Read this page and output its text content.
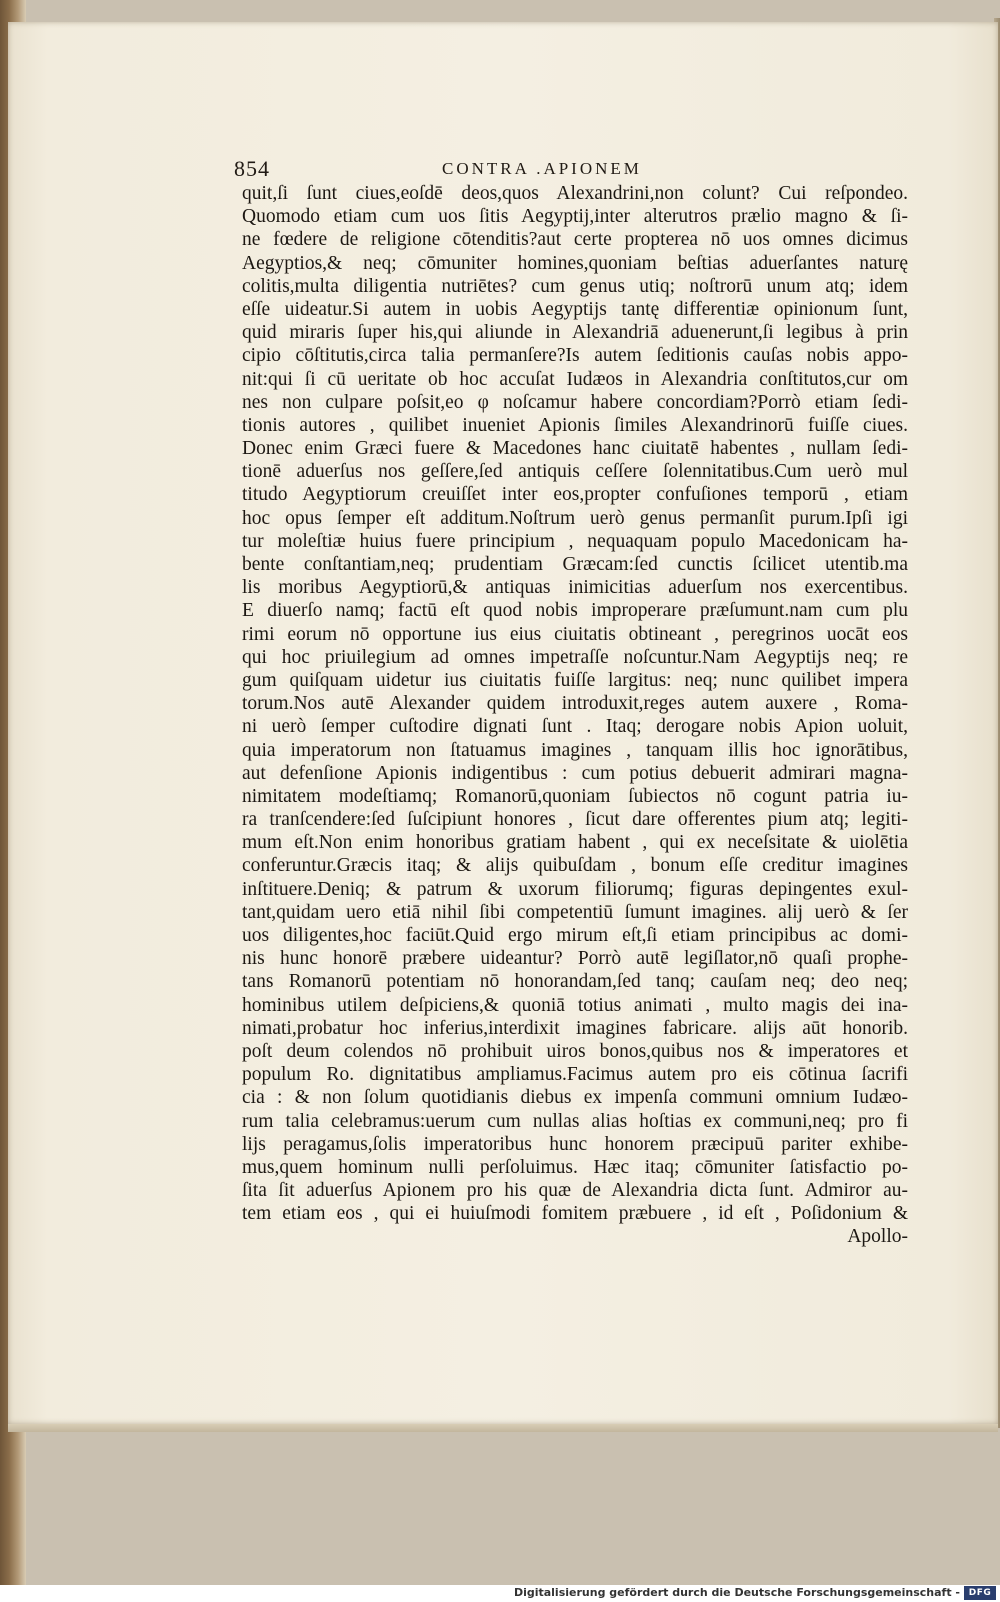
854	CONTRA .APIONEM
quit,ſi ſunt ciues,eoſdē deos,quos Alexandrini,non colunt? Cui reſpondeo.
Quomodo etiam cum uos ſitis Aegyptij,inter alterutros prælio magno & ſi-
ne fœdere de religione cōtenditis?aut certe propterea nō uos omnes dicimus
Aegyptios,& neq; cōmuniter homines,quoniam beſtias aduerſantes naturę
colitis,multa diligentia nutriētes? cum genus utiq; noſtrorū unum atq; idem
eſſe uideatur.Si autem in uobis Aegyptijs tantę differentiæ opinionum ſunt,
quid miraris ſuper his,qui aliunde in Alexandriā aduenerunt,ſi legibus à prin
cipio cōſtitutis,circa talia permanſere?Is autem ſeditionis cauſas nobis appo-
nit:qui ſi cū ueritate ob hoc accuſat Iudæos in Alexandria conſtitutos,cur om
nes non culpare poſsit,eo φ noſcamur habere concordiam?Porrò etiam ſedi-
tionis autores , quilibet inueniet Apionis ſimiles Alexandrinorū fuiſſe ciues.
Donec enim Græci fuere & Macedones hanc ciuitatē habentes , nullam ſedi-
tionē aduerſus nos geſſere,ſed antiquis ceſſere ſolennitatibus.Cum uerò mul
titudo Aegyptiorum creuiſſet inter eos,propter confuſiones temporū , etiam
hoc opus ſemper eſt additum.Noſtrum uerò genus permanſit purum.Ipſi igi
tur moleſtiæ huius fuere principium , nequaquam populo Macedonicam ha-
bente conſtantiam,neq; prudentiam Græcam:ſed cunctis ſcilicet utentib.ma
lis moribus Aegyptiorū,& antiquas inimicitias aduerſum nos exercentibus.
E diuerſo namq; factū eſt quod nobis improperare præſumunt.nam cum plu
rimi eorum nō opportune ius eius ciuitatis obtineant , peregrinos uocāt eos
qui hoc priuilegium ad omnes impetraſſe noſcuntur.Nam Aegyptijs neq; re
gum quiſquam uidetur ius ciuitatis fuiſſe largitus: neq; nunc quilibet impera
torum.Nos autē Alexander quidem introduxit,reges autem auxere , Roma-
ni uerò ſemper cuſtodire dignati ſunt . Itaq; derogare nobis Apion uoluit,
quia imperatorum non ſtatuamus imagines , tanquam illis hoc ignorātibus,
aut defenſione Apionis indigentibus : cum potius debuerit admirari magna-
nimitatem modeſtiamq; Romanorū,quoniam ſubiectos nō cogunt patria iu-
ra tranſcendere:ſed ſuſcipiunt honores , ſicut dare offerentes pium atq; legiti-
mum eſt.Non enim honoribus gratiam habent , qui ex neceſsitate & uiolētia
conferuntur.Græcis itaq; & alijs quibuſdam , bonum eſſe creditur imagines
inſtituere.Deniq; & patrum & uxorum filiorumq; figuras depingentes exul-
tant,quidam uero etiā nihil ſibi competentiū ſumunt imagines. alij uerò & ſer
uos diligentes,hoc faciūt.Quid ergo mirum eſt,ſi etiam principibus ac domi-
nis hunc honorē præbere uideantur? Porrò autē legiſlator,nō quaſi prophe-
tans Romanorū potentiam nō honorandam,ſed tanq; cauſam neq; deo neq;
hominibus utilem deſpiciens,& quoniā totius animati , multo magis dei ina-
nimati,probatur hoc inferius,interdixit imagines fabricare. alijs aūt honorib.
poſt deum colendos nō prohibuit uiros bonos,quibus nos & imperatores et
populum Ro. dignitatibus ampliamus.Facimus autem pro eis cōtinua ſacrifi
cia : & non ſolum quotidianis diebus ex impenſa communi omnium Iudæo-
rum talia celebramus:uerum cum nullas alias hoſtias ex communi,neq; pro fi
lijs peragamus,ſolis imperatoribus hunc honorem præcipuū pariter exhibe-
mus,quem hominum nulli perſoluimus. Hæc itaq; cōmuniter ſatisfactio po-
ſita ſit aduerſus Apionem pro his quæ de Alexandria dicta ſunt. Admiror au-
tem etiam eos , qui ei huiuſmodi fomitem præbuere , id eſt , Poſidonium &
Apollo-
Digitalisierung gefördert durch die Deutsche Forschungsgemeinschaft - DFG
